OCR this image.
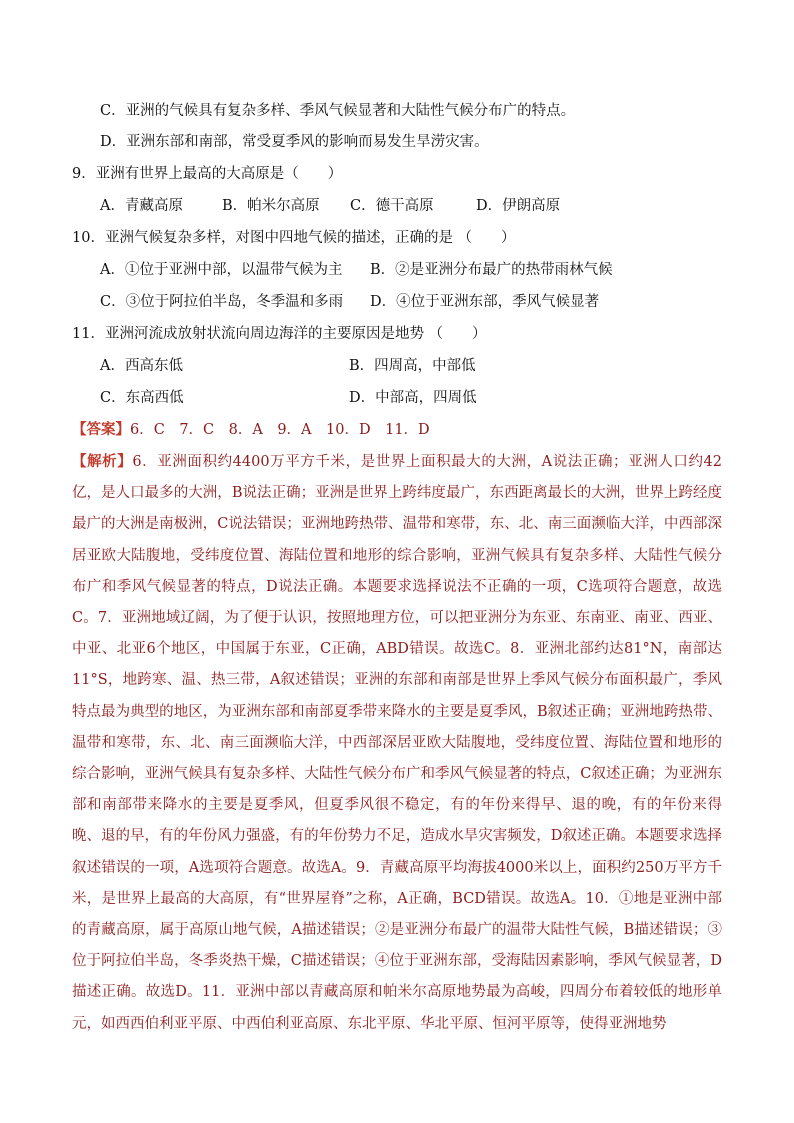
C．亚洲的气候具有复杂多样、季风气候显著和大陆性气候分布广的特点。
D．亚洲东部和南部，常受夏季风的影响而易发生旱涝灾害。
9．亚洲有世界上最高的大高原是（　　）
A．青藏高原	B．帕米尔高原 C．德干高原	D．伊朗高原
10．亚洲气候复杂多样，对图中四地气候的描述，正确的是 （　　）
A．①位于亚洲中部，以温带气候为主 B．②是亚洲分布最广的热带雨林气候
C．③位于阿拉伯半岛，冬季温和多雨 D．④位于亚洲东部，季风气候显著
11．亚洲河流成放射状流向周边海洋的主要原因是地势 （　　）
A．西高东低	B．四周高，中部低
C．东高西低	D．中部高，四周低
【答案】6．C　7．C　8．A　9．A　10．D　11．D
【解析】6．亚洲面积约4400万平方千米，是世界上面积最大的大洲，A说法正确；亚洲人口约42亿，是人口最多的大洲，B说法正确；亚洲是世界上跨纬度最广，东西距离最长的大洲，世界上跨经度最广的大洲是南极洲，C说法错误；亚洲地跨热带、温带和寒带，东、北、南三面濒临大洋，中西部深居亚欧大陆腹地，受纬度位置、海陆位置和地形的综合影响，亚洲气候具有复杂多样、大陆性气候分布广和季风气候显著的特点，D说法正确。本题要求选择说法不正确的一项，C选项符合题意，故选C。7．亚洲地域辽阔，为了便于认识，按照地理方位，可以把亚洲分为东亚、东南亚、南亚、西亚、中亚、北亚6个地区，中国属于东亚，C正确，ABD错误。故选C。8．亚洲北部约达81°N，南部达11°S，地跨寒、温、热三带，A叙述错误；亚洲的东部和南部是世界上季风气候分布面积最广，季风特点最为典型的地区，为亚洲东部和南部夏季带来降水的主要是夏季风，B叙述正确；亚洲地跨热带、温带和寒带，东、北、南三面濒临大洋，中西部深居亚欧大陆腹地，受纬度位置、海陆位置和地形的综合影响，亚洲气候具有复杂多样、大陆性气候分布广和季风气候显著的特点，C叙述正确；为亚洲东部和南部带来降水的主要是夏季风，但夏季风很不稳定，有的年份来得早、退的晚，有的年份来得晚、退的早，有的年份风力强盛，有的年份势力不足，造成水旱灾害频发，D叙述正确。本题要求选择叙述错误的一项，A选项符合题意。故选A。9．青藏高原平均海拔4000米以上，面积约250万平方千米，是世界上最高的大高原，有“世界屋脊”之称，A正确，BCD错误。故选A。10．①地是亚洲中部的青藏高原，属于高原山地气候，A描述错误；②是亚洲分布最广的温带大陆性气候，B描述错误；③位于阿拉伯半岛，冬季炎热干燥，C描述错误；④位于亚洲东部，受海陆因素影响，季风气候显著，D描述正确。故选D。11．亚洲中部以青藏高原和帕米尔高原地势最为高峻，四周分布着较低的地形单元，如西西伯利亚平原、中西伯利亚高原、东北平原、华北平原、恒河平原等，使得亚洲地势
